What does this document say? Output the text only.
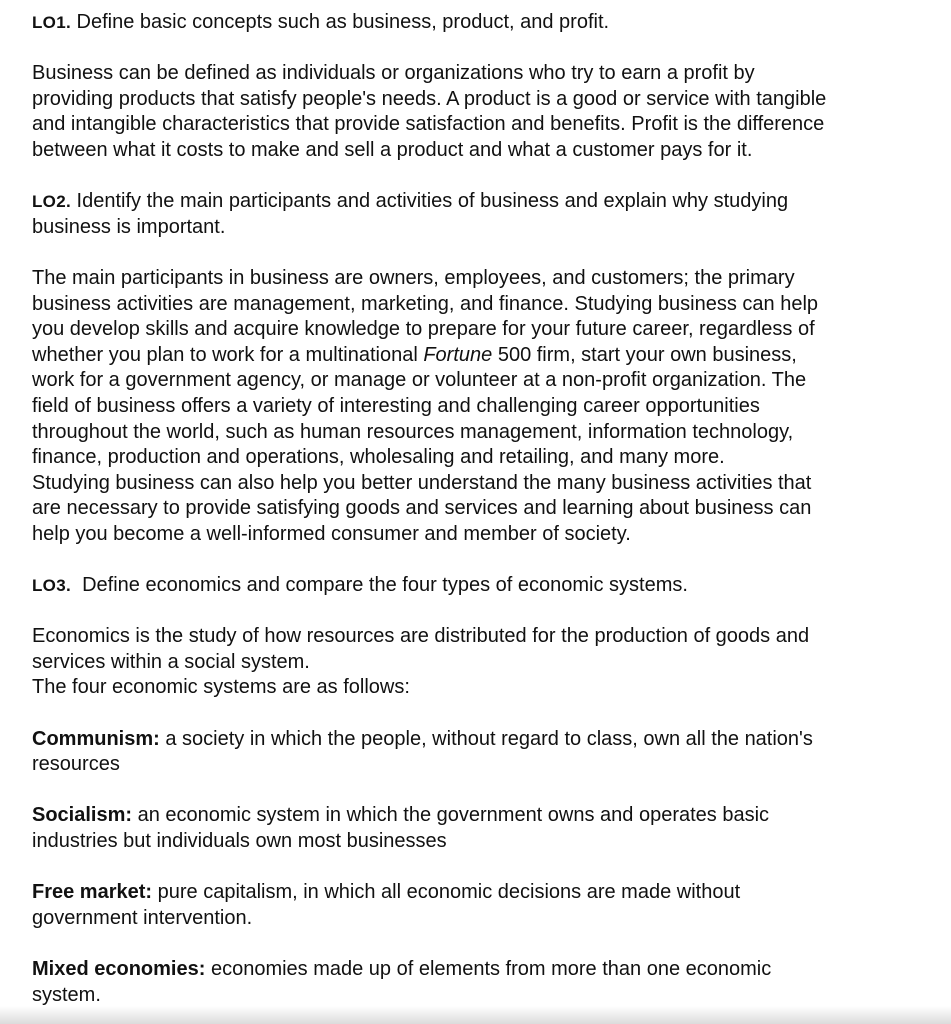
LO1. Define basic concepts such as business, product, and profit.
Business can be defined as individuals or organizations who try to earn a profit by
providing products that satisfy people's needs. A product is a good or service with tangible
and intangible characteristics that provide satisfaction and benefits. Profit is the difference
between what it costs to make and sell a product and what a customer pays for it.
LO2. Identify the main participants and activities of business and explain why studying
business is important.
The main participants in business are owners, employees, and customers; the primary
business activities are management, marketing, and finance. Studying business can help
you develop skills and acquire knowledge to prepare for your future career, regardless of
whether you plan to work for a multinational Fortune 500 firm, start your own business,
work for a government agency, or manage or volunteer at a non-profit organization. The
field of business offers a variety of interesting and challenging career opportunities
throughout the world, such as human resources management, information technology,
finance, production and operations, wholesaling and retailing, and many more.
Studying business can also help you better understand the many business activities that
are necessary to provide satisfying goods and services and learning about business can
help you become a well-informed consumer and member of society.
LO3.  Define economics and compare the four types of economic systems.
Economics is the study of how resources are distributed for the production of goods and
services within a social system.
The four economic systems are as follows:
Communism: a society in which the people, without regard to class, own all the nation's
resources
Socialism: an economic system in which the government owns and operates basic
industries but individuals own most businesses
Free market: pure capitalism, in which all economic decisions are made without
government intervention.
Mixed economies: economies made up of elements from more than one economic
system.
